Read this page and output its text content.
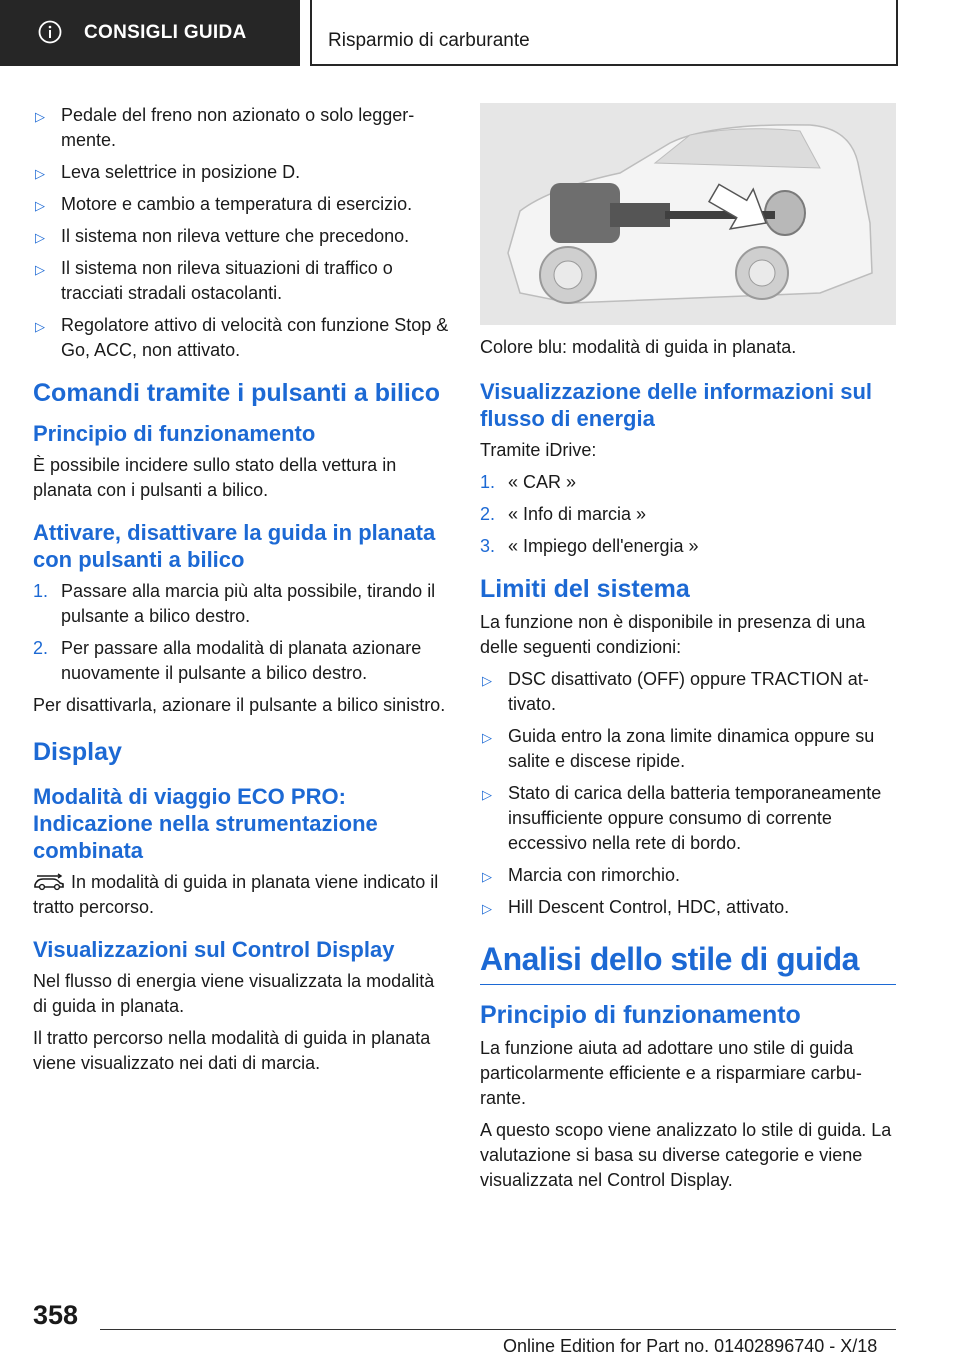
CONSIGLI GUIDA	Risparmio di carburante
▷ Pedale del freno non azionato o solo leggermente.
▷ Leva selettrice in posizione D.
▷ Motore e cambio a temperatura di esercizio.
▷ Il sistema non rileva vetture che precedono.
▷ Il sistema non rileva situazioni di traffico o tracciati stradali ostacolanti.
▷ Regolatore attivo di velocità con funzione Stop & Go, ACC, non attivato.
Comandi tramite i pulsanti a bilico
Principio di funzionamento

È possibile incidere sullo stato della vettura in planata con i pulsanti a bilico.

Attivare, disattivare la guida in planata con pulsanti a bilico
1. Passare alla marcia più alta possibile, tirando il pulsante a bilico destro.
2. Per passare alla modalità di planata azionare nuovamente il pulsante a bilico destro.

Per disattivarla, azionare il pulsante a bilico sinistro.

Display
Modalità di viaggio ECO PRO: Indicazione nella strumentazione combinata

In modalità di guida in planata viene indicato il tratto percorso.

Visualizzazioni sul Control Display

Nel flusso di energia viene visualizzata la modalità di guida in planata.

Il tratto percorso nella modalità di guida in planata viene visualizzato nei dati di marcia.

Colore blu: modalità di guida in planata.

Visualizzazione delle informazioni sul flusso di energia

Tramite iDrive:

1. « CAR »
2. « Info di marcia »
3. « Impiego dell'energia »
Limiti del sistema

La funzione non è disponibile in presenza di una delle seguenti condizioni:

▷ DSC disattivato (OFF) oppure TRACTION attivato.
▷ Guida entro la zona limite dinamica oppure su salite e discese ripide.
▷ Stato di carica della batteria temporaneamente insufficiente oppure consumo di corrente eccessivo nella rete di bordo.
▷ Marcia con rimorchio.
▷ Hill Descent Control, HDC, attivato.
Analisi dello stile di guida
Principio di funzionamento

La funzione aiuta ad adottare uno stile di guida particolarmente efficiente e a risparmiare carburante.

A questo scopo viene analizzato lo stile di guida. La valutazione si basa su diverse categorie e viene visualizzata nel Control Display.

358
Online Edition for Part no. 01402896740 - X/18
